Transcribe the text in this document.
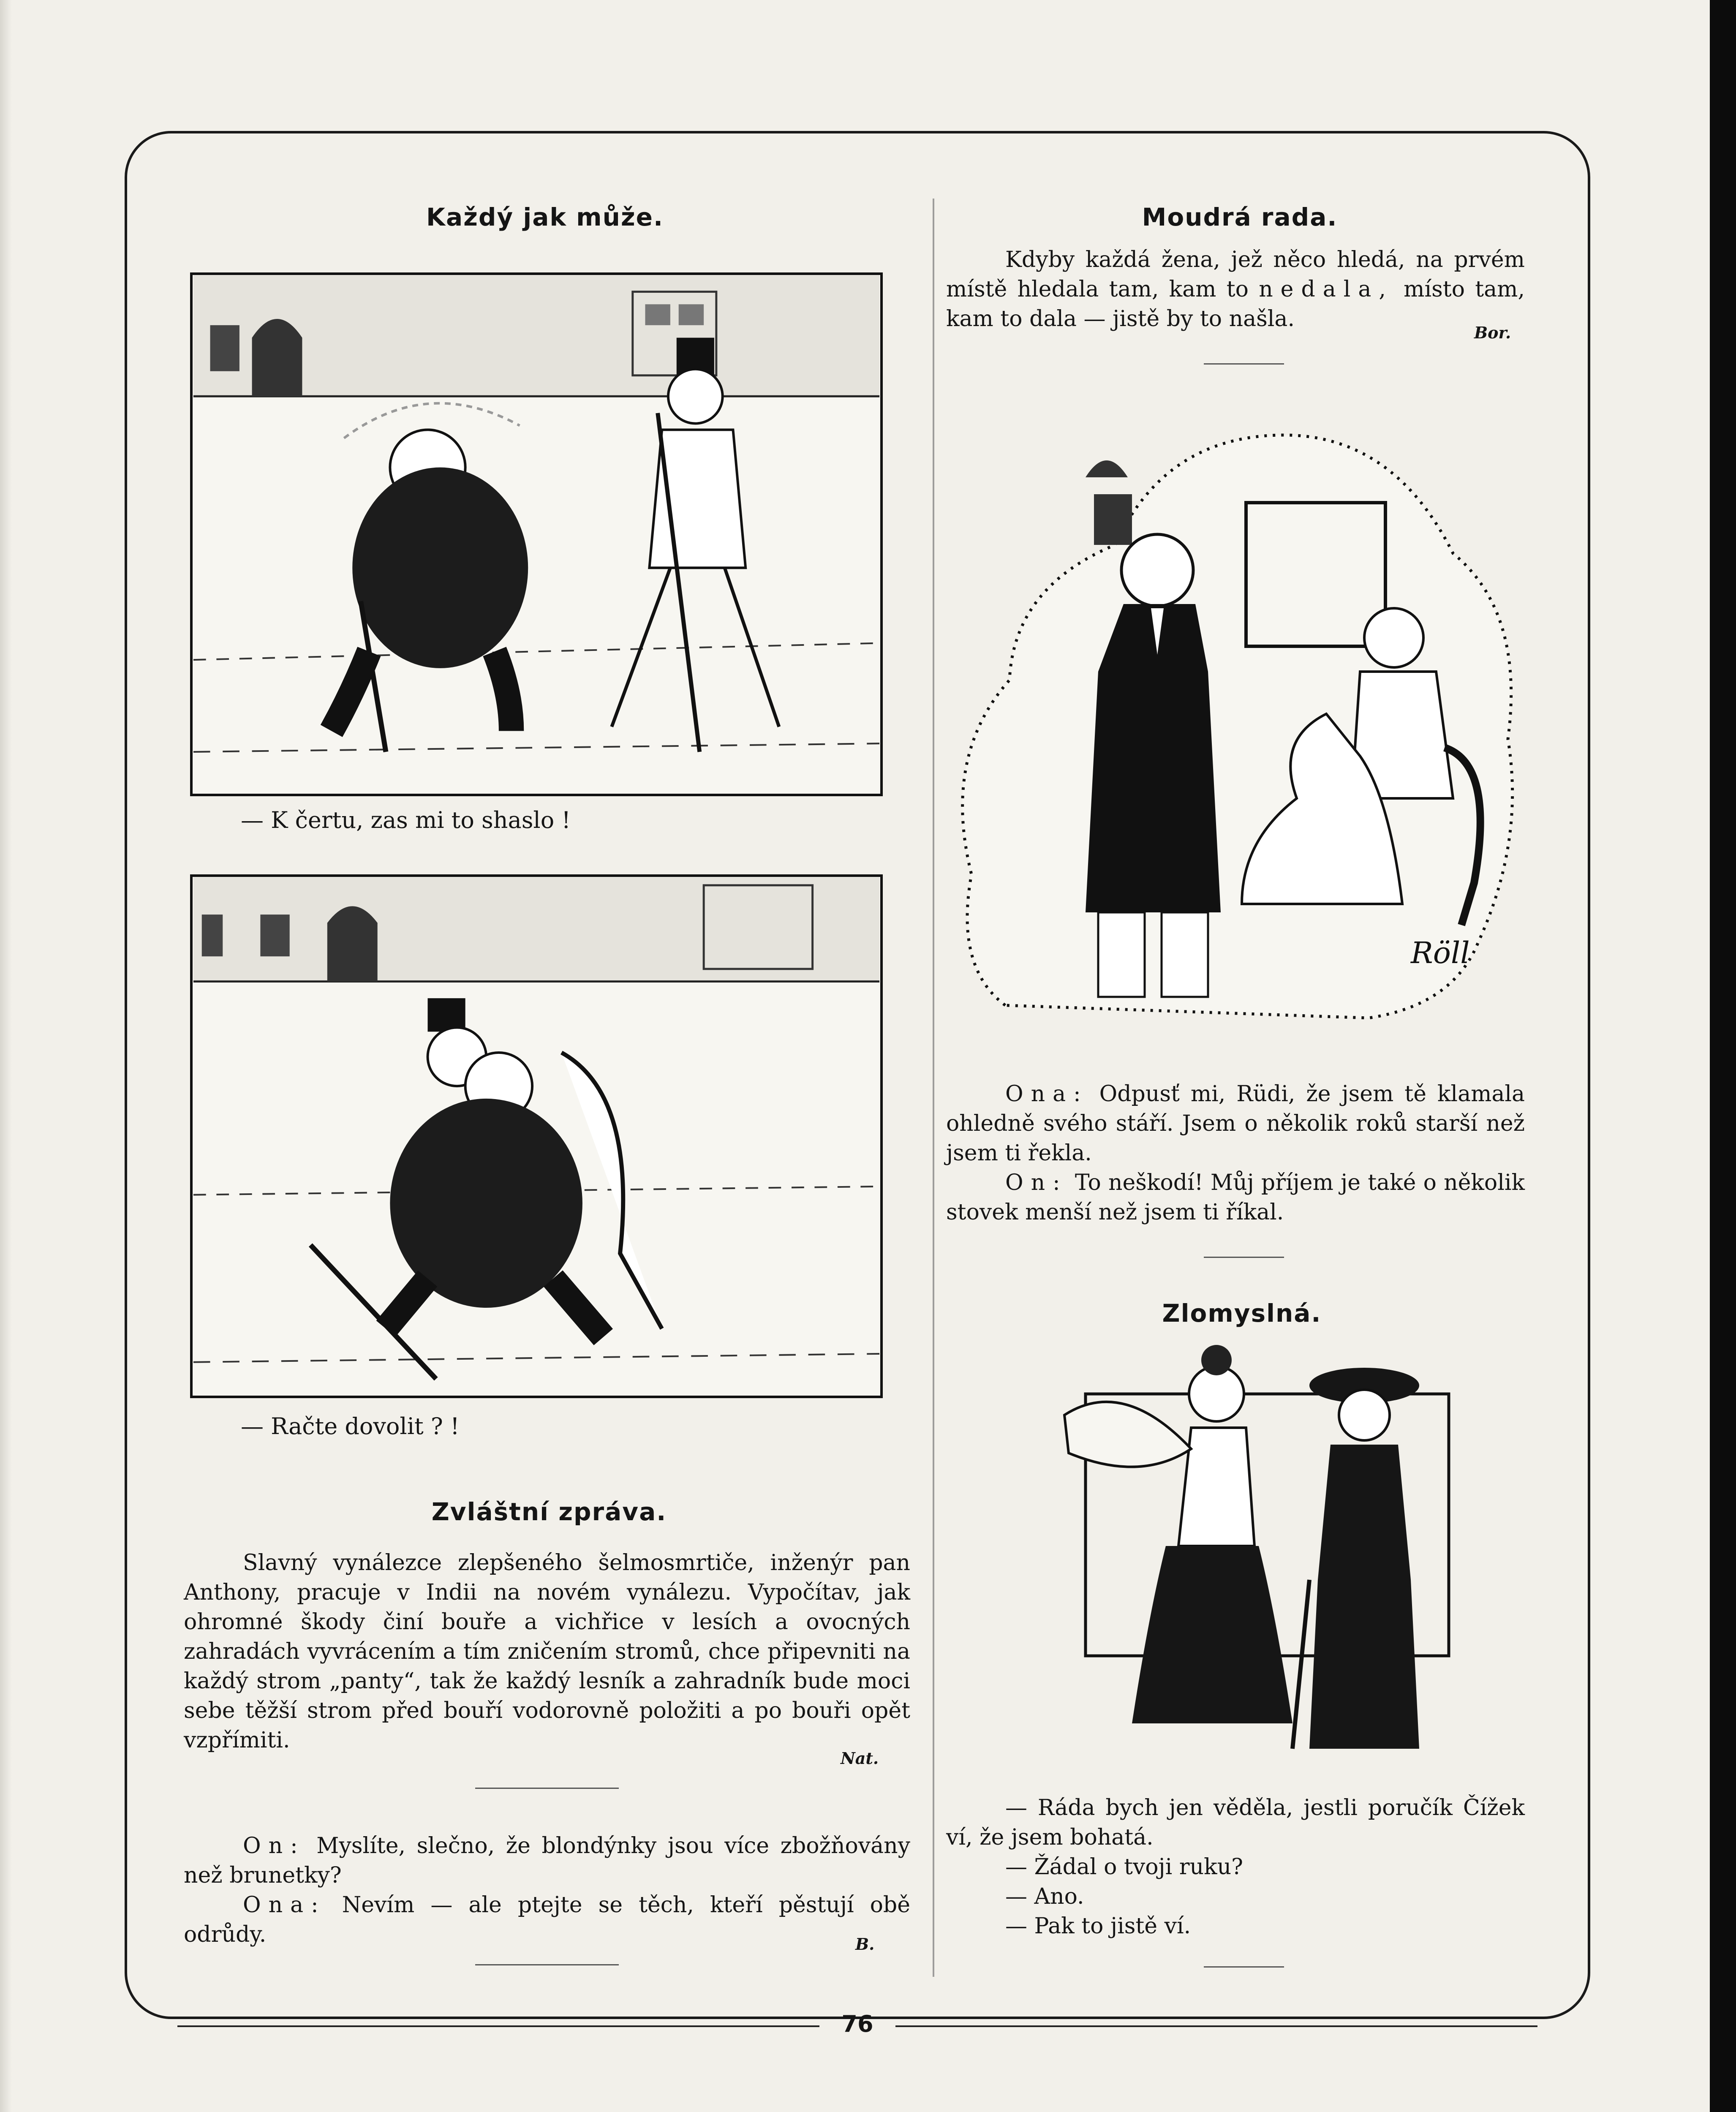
Každý jak může.
— K čertu, zas mi to shaslo !
— Račte dovolit ? !
Zvláštní zpráva.
Slavný vynálezce zlepšeného šelmosmrtiče, inženýr pan Anthony, pracuje v Indii na novém vynálezu. Vypočítav, jak ohromné škody činí bouře a vichřice v lesích a ovocných zahradách vyvrácením a tím zničením stromů, chce připevniti na každý strom „panty“, tak že každý lesník a zahradník bude moci sebe těžší strom před bouří vodorovně položiti a po bouři opět vzpřímiti.
Nat.

On: Myslíte, slečno, že blondýnky jsou více zbožňovány než brunetky?

Ona: Nevím — ale ptejte se těch, kteří pěstují obě odrůdy.	B.
Moudrá rada.
Kdyby každá žena, jež něco hledá, na prvém místě hledala tam, kam to nedala, místo tam, kam to dala — jistě by to našla.
Bor.
Röll

Ona: Odpusť mi, Rüdi, že jsem tě klamala ohledně svého stáří. Jsem o několik roků starší než jsem ti řekla.

On: To neškodí! Můj příjem je také o několik stovek menší než jsem ti říkal.

Zlomyslná.

— Ráda bych jen věděla, jestli poručík Čížek ví, že jsem bohatá.

— Žádal o tvoji ruku?

— Ano.

— Pak to jistě ví.

76
